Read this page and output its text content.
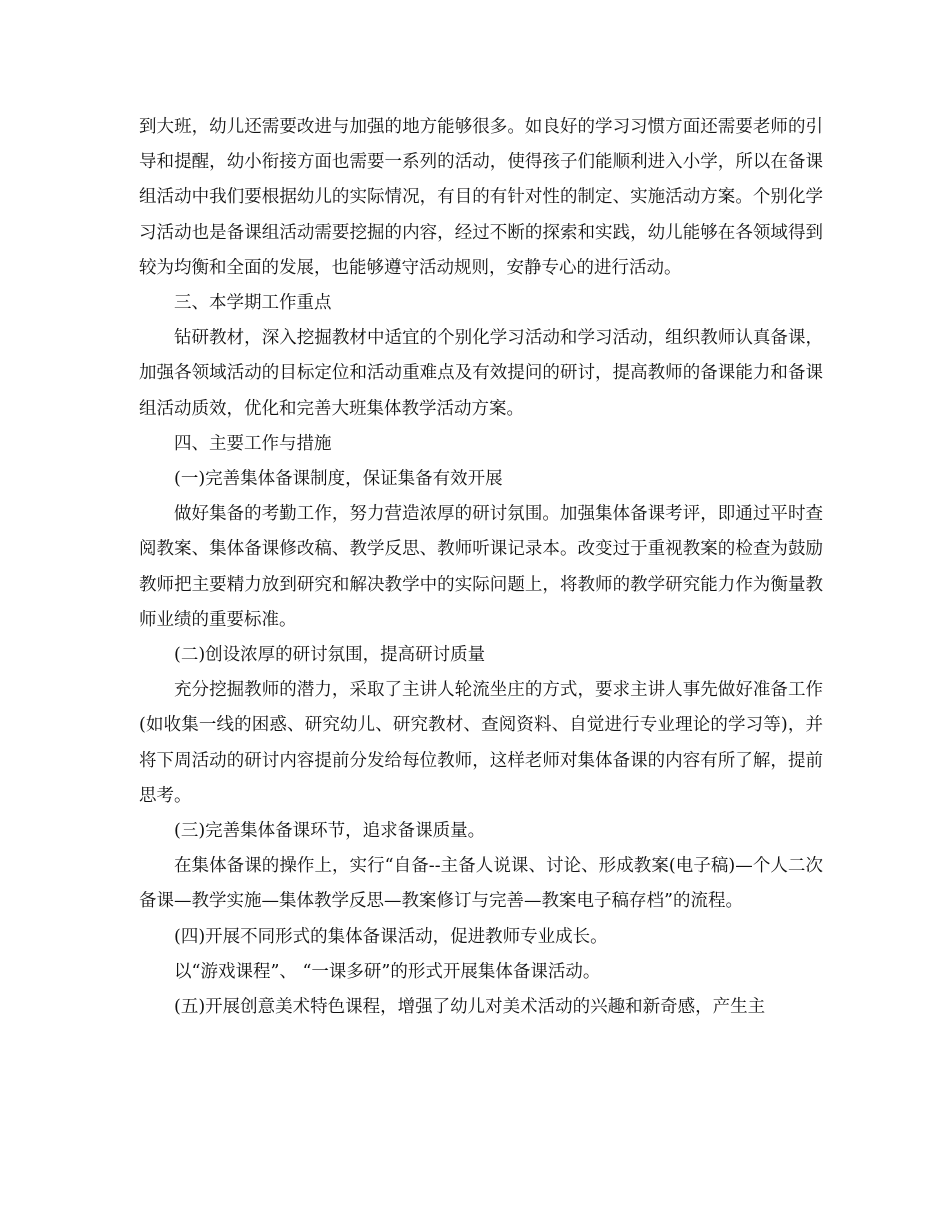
到大班，幼儿还需要改进与加强的地方能够很多。如良好的学习习惯方面还需要老师的引导和提醒，幼小衔接方面也需要一系列的活动，使得孩子们能顺利进入小学，所以在备课组活动中我们要根据幼儿的实际情况，有目的有针对性的制定、实施活动方案。个别化学习活动也是备课组活动需要挖掘的内容，经过不断的探索和实践，幼儿能够在各领域得到较为均衡和全面的发展，也能够遵守活动规则，安静专心的进行活动。

三、本学期工作重点

钻研教材，深入挖掘教材中适宜的个别化学习活动和学习活动，组织教师认真备课，加强各领域活动的目标定位和活动重难点及有效提问的研讨，提高教师的备课能力和备课组活动质效，优化和完善大班集体教学活动方案。

四、主要工作与措施

(一)完善集体备课制度，保证集备有效开展

做好集备的考勤工作，努力营造浓厚的研讨氛围。加强集体备课考评，即通过平时查阅教案、集体备课修改稿、教学反思、教师听课记录本。改变过于重视教案的检查为鼓励教师把主要精力放到研究和解决教学中的实际问题上，将教师的教学研究能力作为衡量教师业绩的重要标准。

(二)创设浓厚的研讨氛围，提高研讨质量

充分挖掘教师的潜力，采取了主讲人轮流坐庄的方式，要求主讲人事先做好准备工作(如收集一线的困惑、研究幼儿、研究教材、查阅资料、自觉进行专业理论的学习等)，并将下周活动的研讨内容提前分发给每位教师，这样老师对集体备课的内容有所了解，提前思考。

(三)完善集体备课环节，追求备课质量。

在集体备课的操作上，实行“自备--主备人说课、讨论、形成教案(电子稿)—个人二次备课—教学实施—集体教学反思—教案修订与完善—教案电子稿存档”的流程。

(四)开展不同形式的集体备课活动，促进教师专业成长。

以“游戏课程”、 “一课多研”的形式开展集体备课活动。

(五)开展创意美术特色课程，增强了幼儿对美术活动的兴趣和新奇感，产生主
